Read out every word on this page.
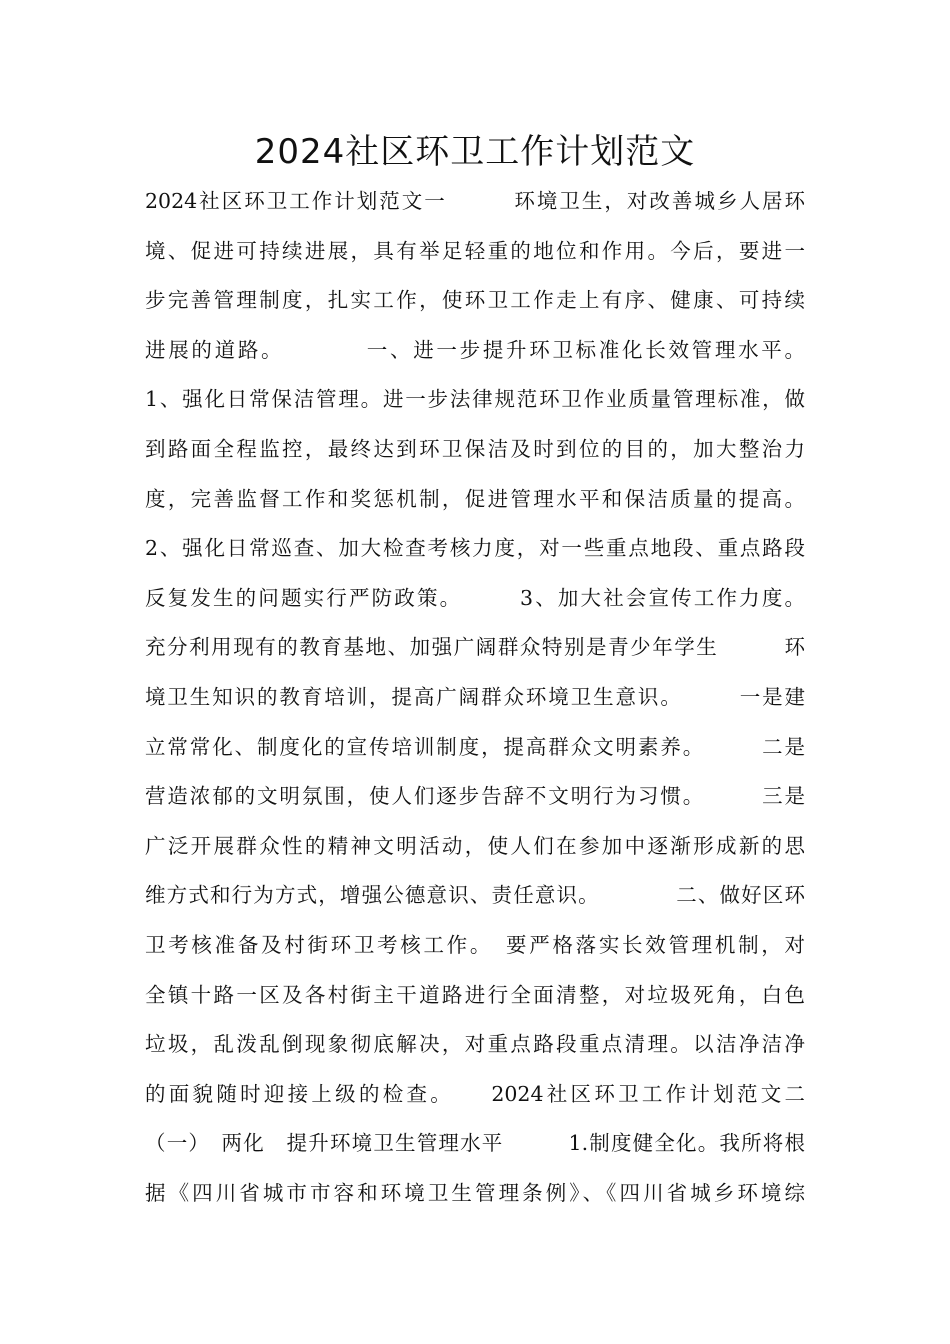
2024社区环卫工作计划范文
2024社区环卫工作计划范文一　　　环境卫生，对改善城乡人居环
境、促进可持续进展，具有举足轻重的地位和作用。今后，要进一
步完善管理制度，扎实工作，使环卫工作走上有序、健康、可持续
进展的道路。　　　　一、进一步提升环卫标准化长效管理水平。
1、强化日常保洁管理。进一步法律规范环卫作业质量管理标准，做
到路面全程监控，最终达到环卫保洁及时到位的目的，加大整治力
度，完善监督工作和奖惩机制，促进管理水平和保洁质量的提高。
2、强化日常巡查、加大检查考核力度，对一些重点地段、重点路段
反复发生的问题实行严防政策。　　　3、加大社会宣传工作力度。
充分利用现有的教育基地、加强广阔群众特别是青少年学生　　　环
境卫生知识的教育培训，提高广阔群众环境卫生意识。　　　一是建
立常常化、制度化的宣传培训制度，提高群众文明素养。　　　二是
营造浓郁的文明氛围，使人们逐步告辞不文明行为习惯。　　　三是
广泛开展群众性的精神文明活动，使人们在参加中逐渐形成新的思
维方式和行为方式，增强公德意识、责任意识。　　　　二、做好区环
卫考核准备及村街环卫考核工作。　要严格落实长效管理机制，对
全镇十路一区及各村街主干道路进行全面清整，对垃圾死角，白色
垃圾，乱泼乱倒现象彻底解决，对重点路段重点清理。以洁净洁净
的面貌随时迎接上级的检查。　　2024社区环卫工作计划范文二
（一）　两化　提升环境卫生管理水平　　　1.制度健全化。我所将根
据《四川省城市市容和环境卫生管理条例》、《四川省城乡环境综
